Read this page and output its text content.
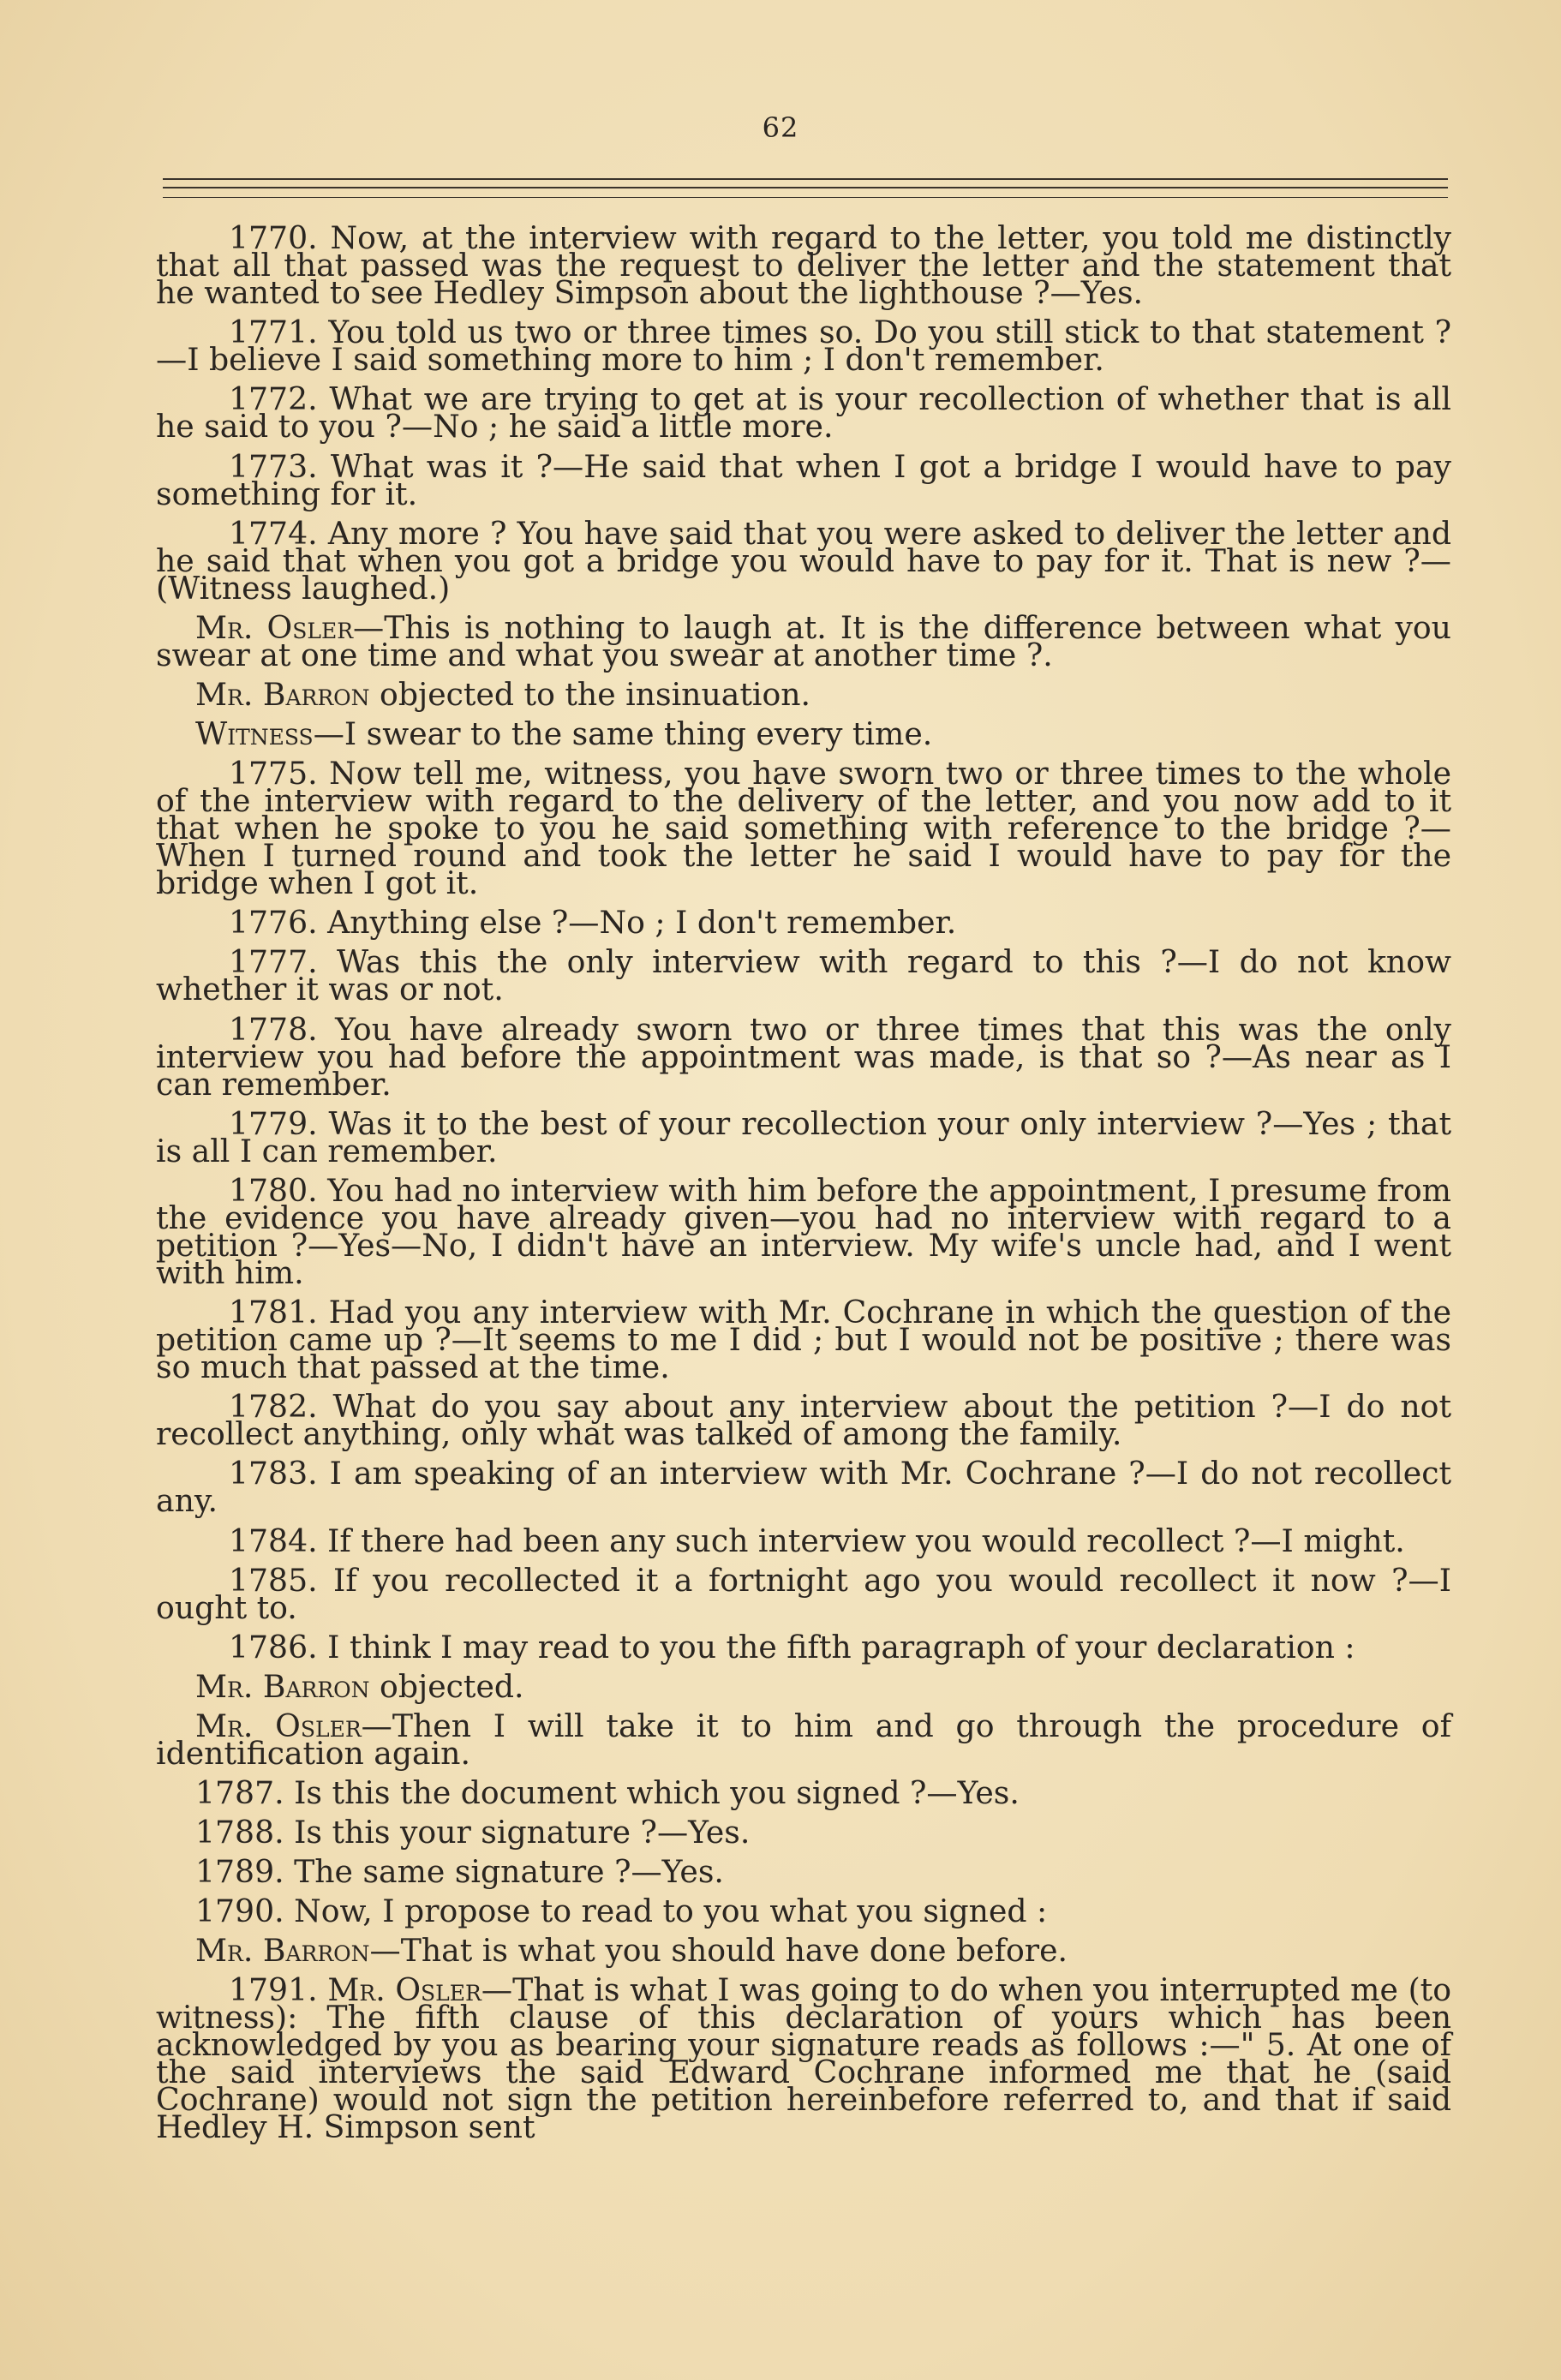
62

1770. Now, at the interview with regard to the letter, you told me distinctly that all that passed was the request to deliver the letter and the statement that he wanted to see Hedley Simpson about the lighthouse ?—Yes.

1771. You told us two or three times so. Do you still stick to that statement ?—I believe I said something more to him ; I don't remember.

1772. What we are trying to get at is your recollection of whether that is all he said to you ?—No ; he said a little more.

1773. What was it ?—He said that when I got a bridge I would have to pay something for it.

1774. Any more ? You have said that you were asked to deliver the letter and he said that when you got a bridge you would have to pay for it. That is new ?—(Witness laughed.)

Mr. Osler—This is nothing to laugh at. It is the difference between what you swear at one time and what you swear at another time ?.

Mr. Barron objected to the insinuation.

Witness—I swear to the same thing every time.

1775. Now tell me, witness, you have sworn two or three times to the whole of the interview with regard to the delivery of the letter, and you now add to it that when he spoke to you he said something with reference to the bridge ?—When I turned round and took the letter he said I would have to pay for the bridge when I got it.

1776. Anything else ?—No ; I don't remember.

1777. Was this the only interview with regard to this ?—I do not know whether it was or not.

1778. You have already sworn two or three times that this was the only interview you had before the appointment was made, is that so ?—As near as I can remember.

1779. Was it to the best of your recollection your only interview ?—Yes ; that is all I can remember.

1780. You had no interview with him before the appointment, I presume from the evidence you have already given—you had no interview with regard to a petition ?—Yes—No, I didn't have an interview. My wife's uncle had, and I went with him.

1781. Had you any interview with Mr. Cochrane in which the question of the petition came up ?—It seems to me I did ; but I would not be positive ; there was so much that passed at the time.

1782. What do you say about any interview about the petition ?—I do not recollect anything, only what was talked of among the family.

1783. I am speaking of an interview with Mr. Cochrane ?—I do not recollect any.

1784. If there had been any such interview you would recollect ?—I might.

1785. If you recollected it a fortnight ago you would recollect it now ?—I ought to.

1786. I think I may read to you the fifth paragraph of your declaration :

Mr. Barron objected.

Mr. Osler—Then I will take it to him and go through the procedure of identification again.

1787. Is this the document which you signed ?—Yes.

1788. Is this your signature ?—Yes.

1789. The same signature ?—Yes.

1790. Now, I propose to read to you what you signed :

Mr. Barron—That is what you should have done before.

1791. Mr. Osler—That is what I was going to do when you interrupted me (to witness): The fifth clause of this declaration of yours which has been acknowledged by you as bearing your signature reads as follows :—" 5. At one of the said interviews the said Edward Cochrane informed me that he (said Cochrane) would not sign the petition hereinbefore referred to, and that if said Hedley H. Simpson sent
